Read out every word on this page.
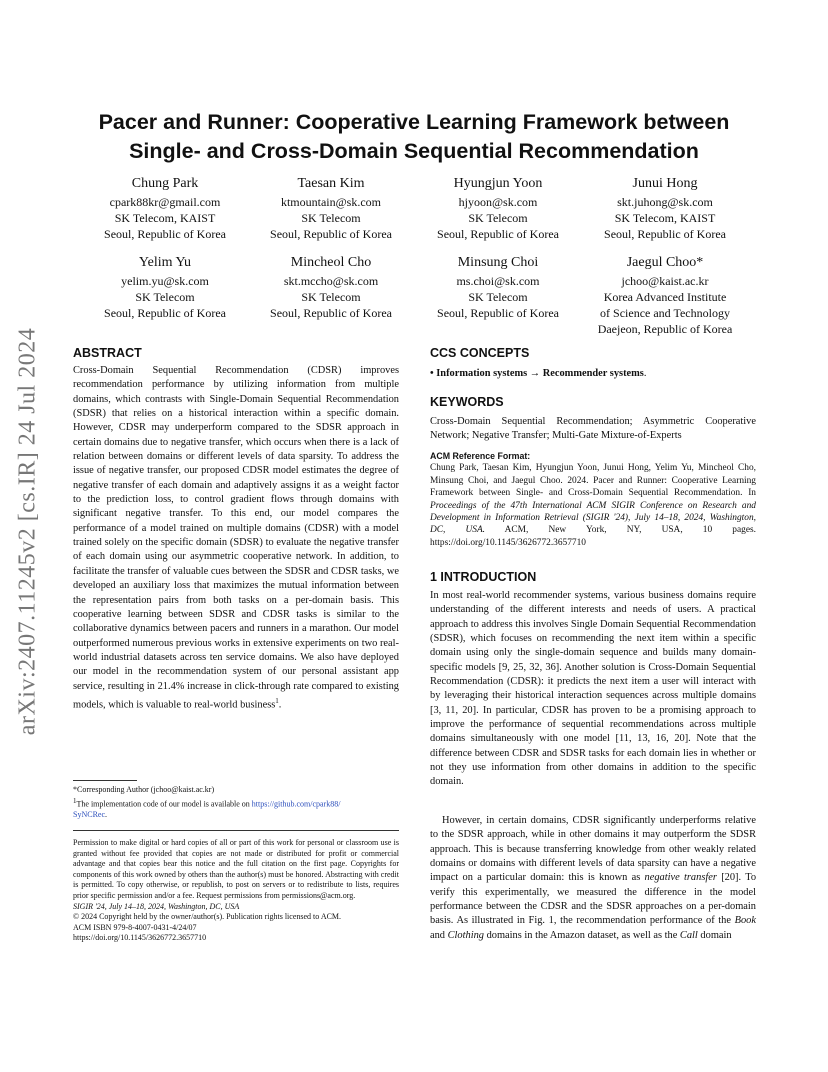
arXiv:2407.11245v2 [cs.IR] 24 Jul 2024
Pacer and Runner: Cooperative Learning Framework between
Single- and Cross-Domain Sequential Recommendation
Chung Park
cpark88kr@gmail.com
SK Telecom, KAIST
Seoul, Republic of Korea
Taesan Kim
ktmountain@sk.com
SK Telecom
Seoul, Republic of Korea
Hyungjun Yoon
hjyoon@sk.com
SK Telecom
Seoul, Republic of Korea
Junui Hong
skt.juhong@sk.com
SK Telecom, KAIST
Seoul, Republic of Korea
Yelim Yu
yelim.yu@sk.com
SK Telecom
Seoul, Republic of Korea
Mincheol Cho
skt.mccho@sk.com
SK Telecom
Seoul, Republic of Korea
Minsung Choi
ms.choi@sk.com
SK Telecom
Seoul, Republic of Korea
Jaegul Choo*
jchoo@kaist.ac.kr
Korea Advanced Institute
of Science and Technology
Daejeon, Republic of Korea
ABSTRACT
Cross-Domain Sequential Recommendation (CDSR) improves recommendation performance by utilizing information from multiple domains, which contrasts with Single-Domain Sequential Recommendation (SDSR) that relies on a historical interaction within a specific domain. However, CDSR may underperform compared to the SDSR approach in certain domains due to negative transfer, which occurs when there is a lack of relation between domains or different levels of data sparsity. To address the issue of negative transfer, our proposed CDSR model estimates the degree of negative transfer of each domain and adaptively assigns it as a weight factor to the prediction loss, to control gradient flows through domains with significant negative transfer. To this end, our model compares the performance of a model trained on multiple domains (CDSR) with a model trained solely on the specific domain (SDSR) to evaluate the negative transfer of each domain using our asymmetric cooperative network. In addition, to facilitate the transfer of valuable cues between the SDSR and CDSR tasks, we developed an auxiliary loss that maximizes the mutual information between the representation pairs from both tasks on a per-domain basis. This cooperative learning between SDSR and CDSR tasks is similar to the collaborative dynamics between pacers and runners in a marathon. Our model outperformed numerous previous works in extensive experiments on two real-world industrial datasets across ten service domains. We also have deployed our model in the recommendation system of our personal assistant app service, resulting in 21.4% increase in click-through rate compared to existing models, which is valuable to real-world business$^1$.
*Corresponding Author (jchoo@kaist.ac.kr)
$^1$The implementation code of our model is available on https://github.com/cpark88/
SyNCRec.
Permission to make digital or hard copies of all or part of this work for personal or classroom use is granted without fee provided that copies are not made or distributed for profit or commercial advantage and that copies bear this notice and the full citation on the first page. Copyrights for components of this work owned by others than the author(s) must be honored. Abstracting with credit is permitted. To copy otherwise, or republish, to post on servers or to redistribute to lists, requires prior specific permission and/or a fee. Request permissions from permissions@acm.org.
SIGIR '24, July 14–18, 2024, Washington, DC, USA
© 2024 Copyright held by the owner/author(s). Publication rights licensed to ACM.
ACM ISBN 979-8-4007-0431-4/24/07
https://doi.org/10.1145/3626772.3657710
CCS CONCEPTS
• Information systems → Recommender systems.
KEYWORDS
Cross-Domain Sequential Recommendation; Asymmetric Cooperative Network; Negative Transfer; Multi-Gate Mixture-of-Experts
ACM Reference Format:
Chung Park, Taesan Kim, Hyungjun Yoon, Junui Hong, Yelim Yu, Mincheol Cho, Minsung Choi, and Jaegul Choo. 2024. Pacer and Runner: Cooperative Learning Framework between Single- and Cross-Domain Sequential Recommendation. In Proceedings of the 47th International ACM SIGIR Conference on Research and Development in Information Retrieval (SIGIR '24), July 14–18, 2024, Washington, DC, USA. ACM, New York, NY, USA, 10 pages. https://doi.org/10.1145/3626772.3657710
1 INTRODUCTION
In most real-world recommender systems, various business domains require understanding of the different interests and needs of users. A practical approach to address this involves Single Domain Sequential Recommendation (SDSR), which focuses on recommending the next item within a specific domain using only the single-domain sequence and builds many domain-specific models [9, 25, 32, 36]. Another solution is Cross-Domain Sequential Recommendation (CDSR): it predicts the next item a user will interact with by leveraging their historical interaction sequences across multiple domains [3, 11, 20]. In particular, CDSR has proven to be a promising approach to improve the performance of sequential recommendations across multiple domains simultaneously with one model [11, 13, 16, 20]. Note that the difference between CDSR and SDSR tasks for each domain lies in whether or not they use information from other domains in addition to the specific domain.
However, in certain domains, CDSR significantly underperforms relative to the SDSR approach, while in other domains it may outperform the SDSR approach. This is because transferring knowledge from other weakly related domains or domains with different levels of data sparsity can have a negative impact on a particular domain: this is known as negative transfer [20]. To verify this experimentally, we measured the difference in the model performance between the CDSR and the SDSR approaches on a per-domain basis. As illustrated in Fig. 1, the recommendation performance of the Book and Clothing domains in the Amazon dataset, as well as the Call domain
